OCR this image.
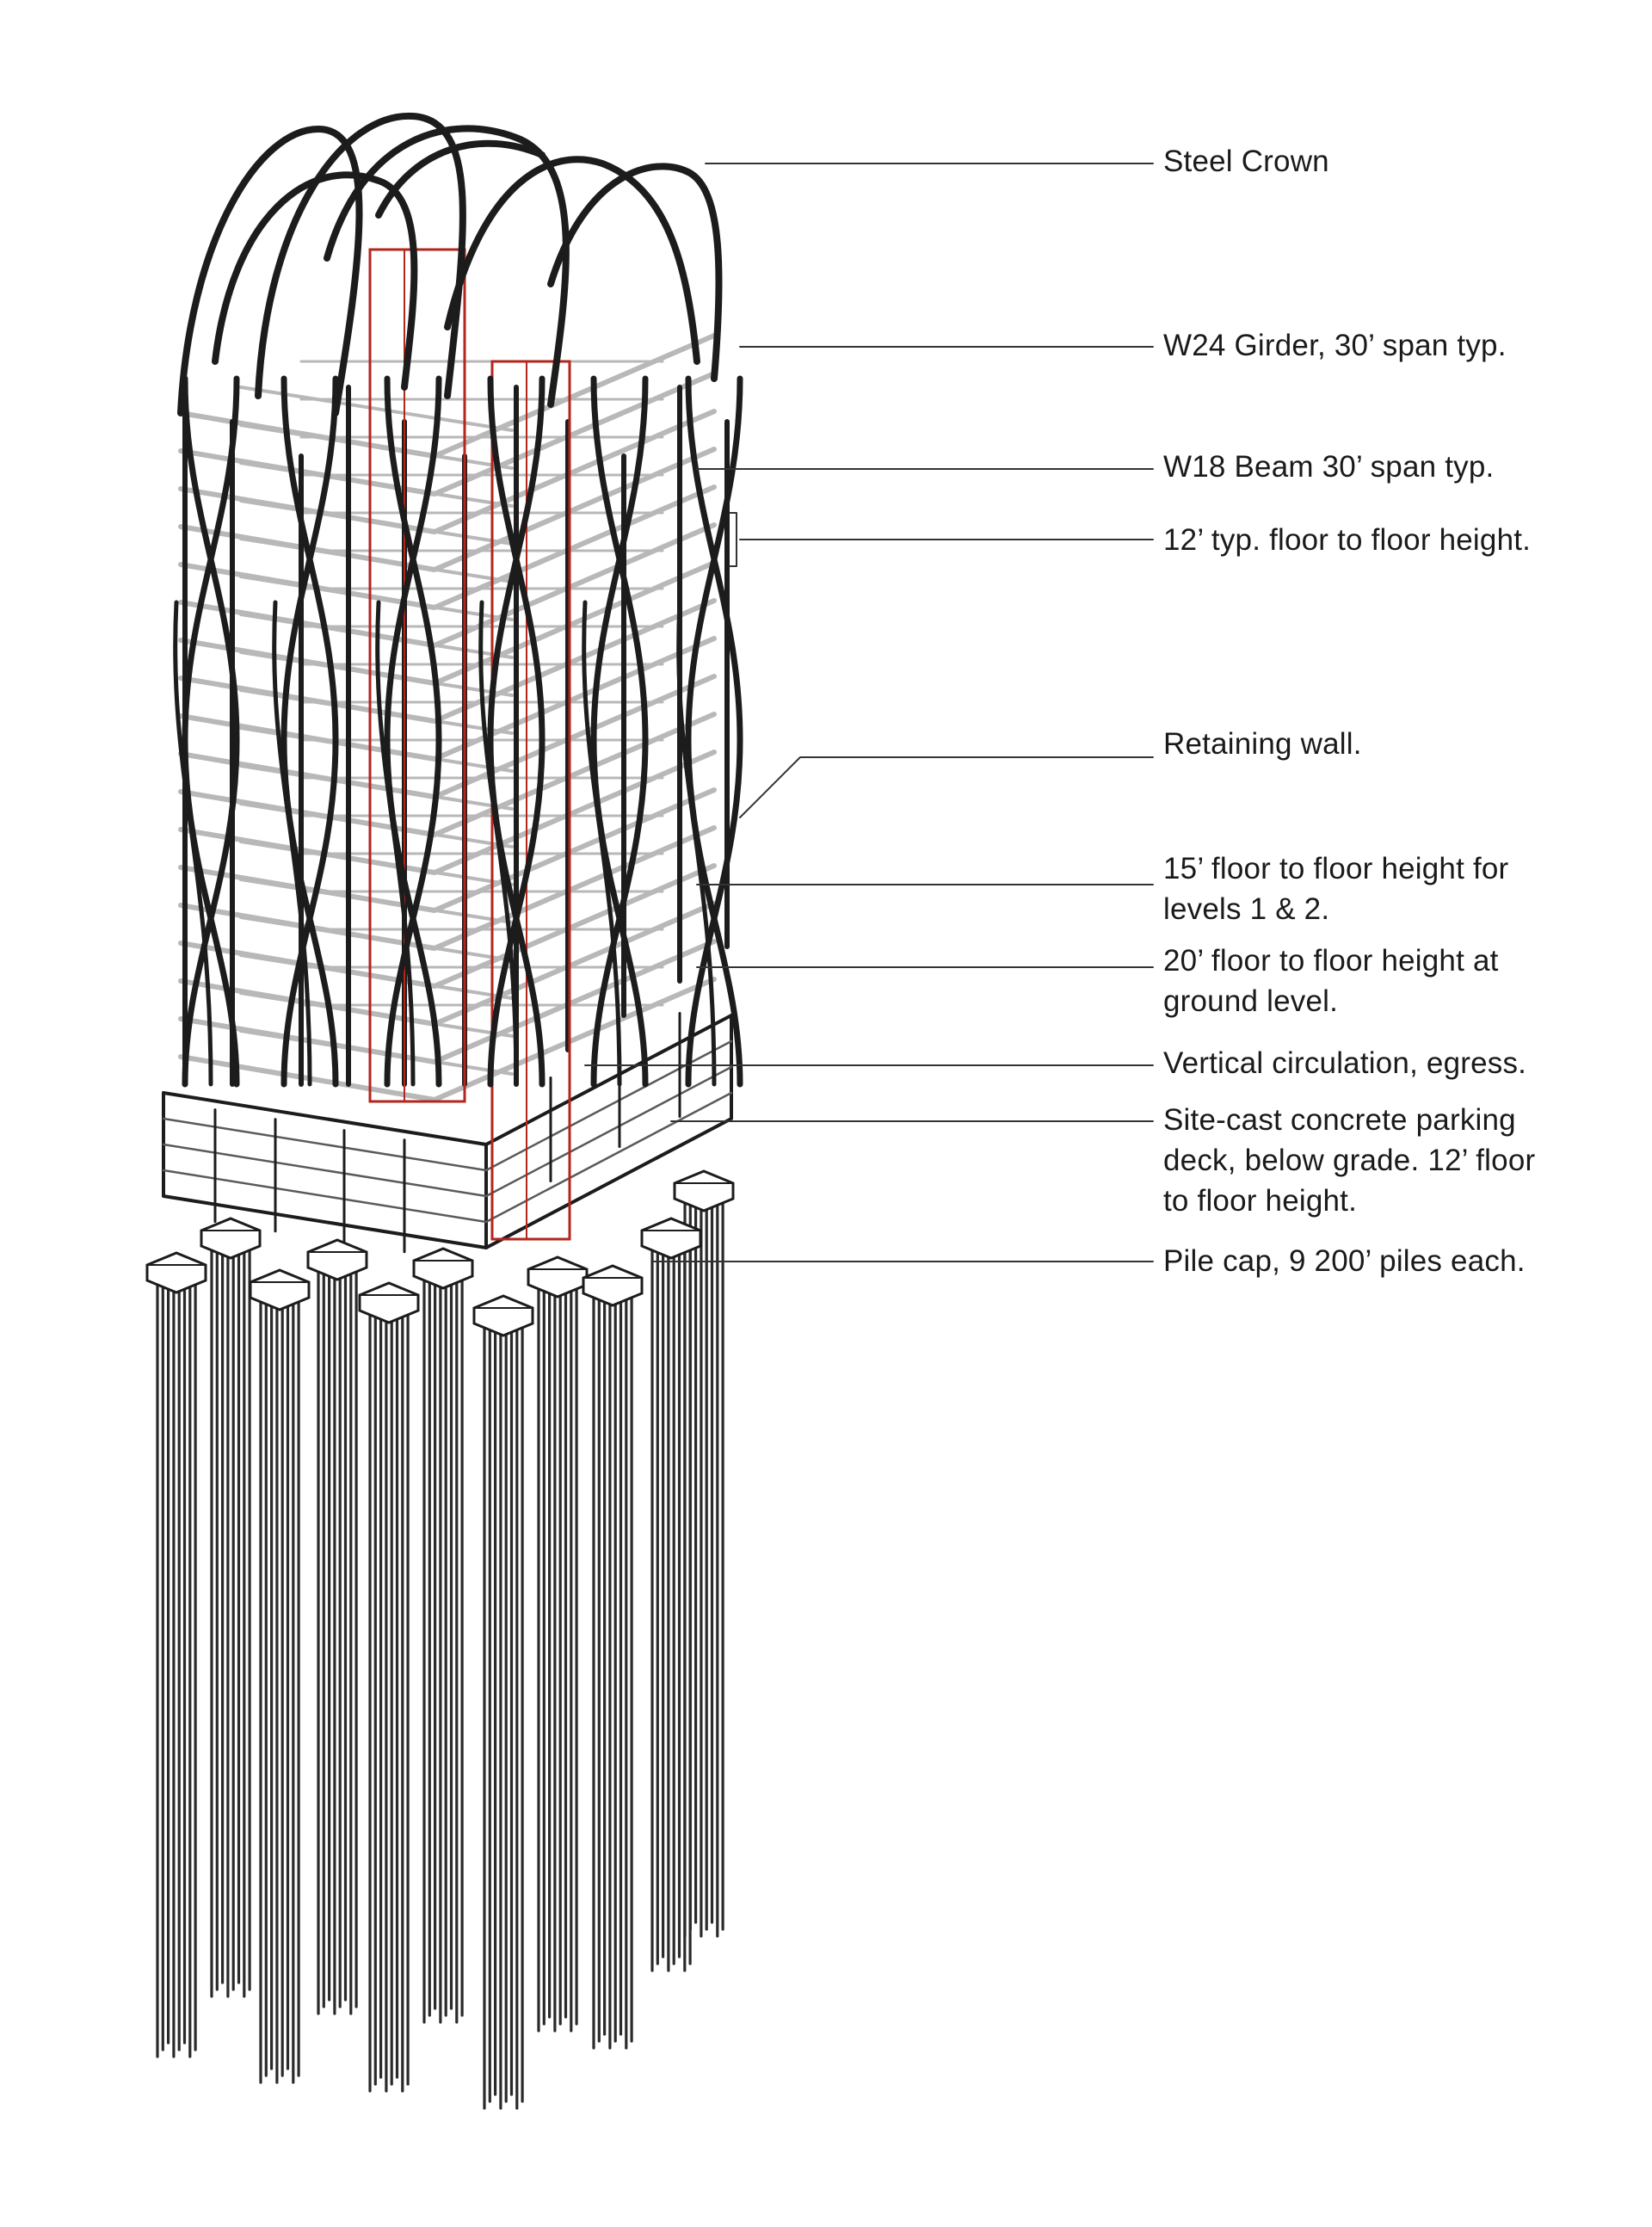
Steel Crown
W24 Girder, 30’ span typ.
W18 Beam 30’ span typ.
12’ typ. floor to floor height.
Retaining wall.
15’ floor to floor height for
levels 1 & 2.
20’ floor to floor height at
ground level.
Vertical circulation, egress.
Site-cast concrete parking
deck, below grade. 12’ floor
to floor height.
Pile cap, 9 200’ piles each.
